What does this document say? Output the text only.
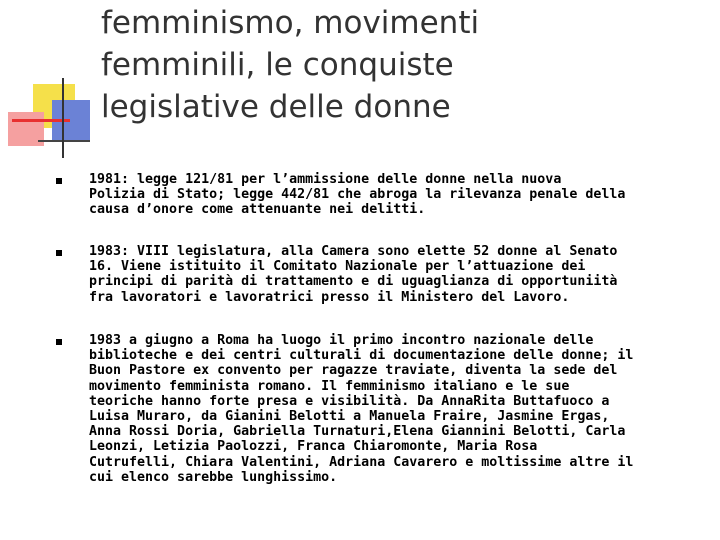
femminismo, movimenti
femminili, le conquiste
legislative delle donne

1981: legge 121/81 per l’ammissione delle donne nella nuova
Polizia di Stato; legge 442/81 che abroga la rilevanza penale della
causa d’onore come attenuante nei delitti.

1983: VIII legislatura, alla Camera sono elette 52 donne al Senato
16. Viene istituito il Comitato Nazionale per l’attuazione dei
principi di parità di trattamento e di uguaglianza di opportuniità
fra lavoratori e lavoratrici presso il Ministero del Lavoro.

1983 a giugno a Roma ha luogo il primo incontro nazionale delle
biblioteche e dei centri culturali di documentazione delle donne; il
Buon Pastore ex convento per ragazze traviate, diventa la sede del
movimento femminista romano. Il femminismo italiano e le sue
teoriche hanno forte presa e visibilità. Da AnnaRita Buttafuoco a
Luisa Muraro, da Gianini Belotti a Manuela Fraire, Jasmine Ergas,
Anna Rossi Doria, Gabriella Turnaturi,Elena Giannini Belotti, Carla
Leonzi, Letizia Paolozzi, Franca Chiaromonte, Maria Rosa
Cutrufelli, Chiara Valentini, Adriana Cavarero e moltissime altre il
cui elenco sarebbe lunghissimo.
